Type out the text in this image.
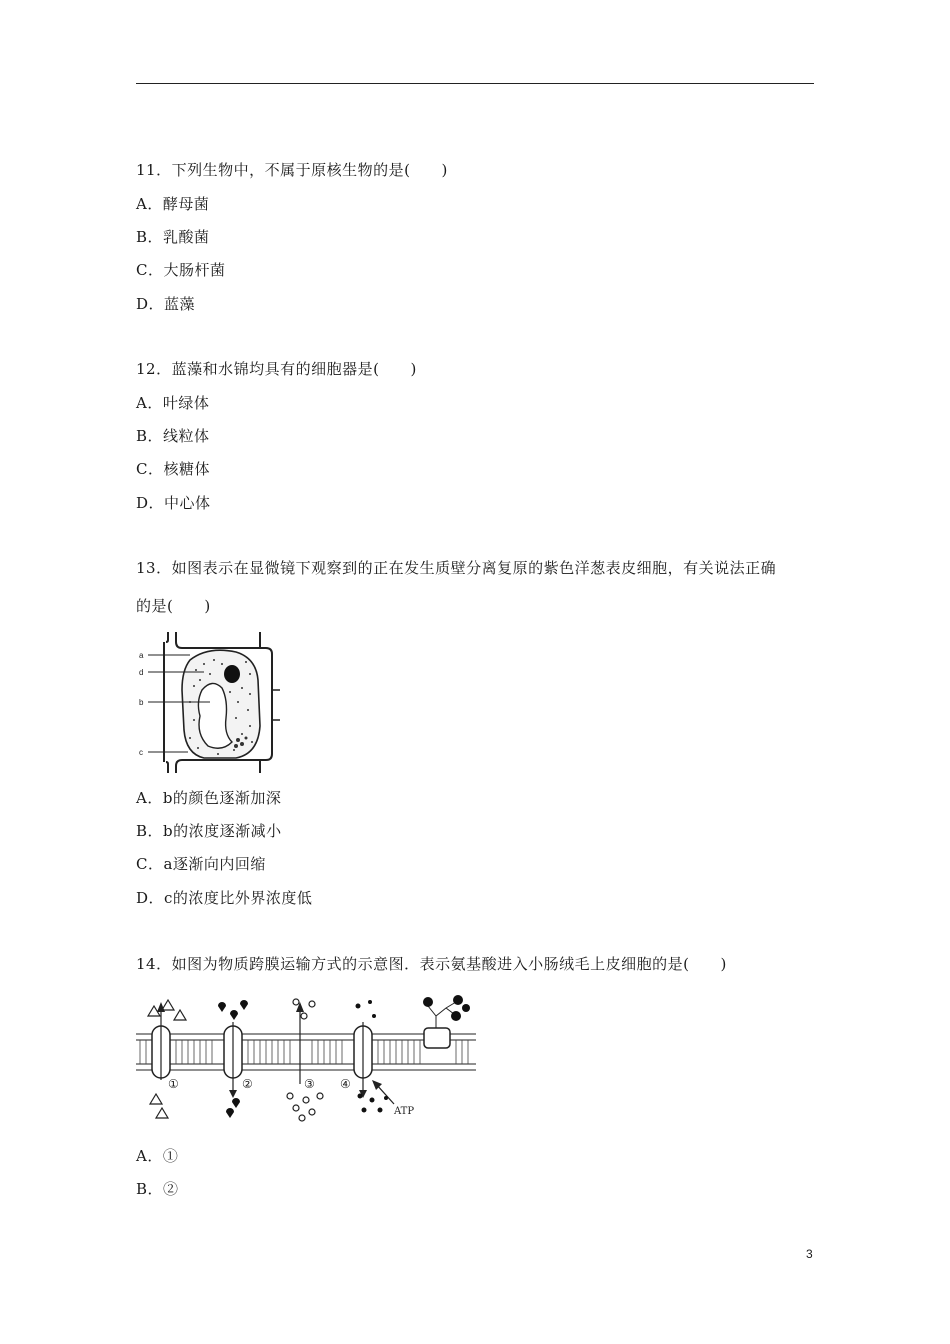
11．下列生物中，不属于原核生物的是(　　)
A．酵母菌
B．乳酸菌
C．大肠杆菌
D．蓝藻
12．蓝藻和水锦均具有的细胞器是(　　)
A．叶绿体
B．线粒体
C．核糖体
D．中心体
13．如图表示在显微镜下观察到的正在发生质壁分离复原的紫色洋葱表皮细胞，有关说法正确
的是(　　)
a
d
b
c
A．b的颜色逐渐加深
B．b的浓度逐渐减小
C．a逐渐向内回缩
D．c的浓度比外界浓度低
14．如图为物质跨膜运输方式的示意图．表示氨基酸进入小肠绒毛上皮细胞的是(　　)
①	②	③ ④
ATP
A．①
B．②
3
